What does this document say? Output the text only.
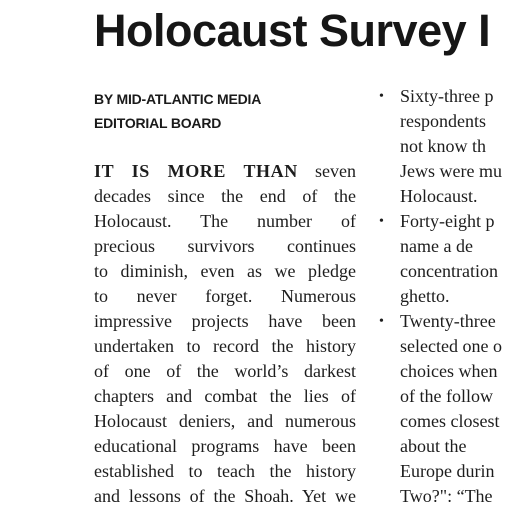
Holocaust Survey I
BY MID-ATLANTIC MEDIA
EDITORIAL BOARD
IT IS MORE THAN seven
decades since the end of the
Holocaust. The number of
precious survivors continues
to diminish, even as we pledge
to never forget. Numerous
impressive projects have been
undertaken to record the history
of one of the world’s darkest
chapters and combat the lies of
Holocaust deniers, and numerous
educational programs have been
established to teach the history
and lessons of the Shoah. Yet we
• Sixty-three p
respondents
not know th
Jews were mu
Holocaust.
• Forty-eight p
name a de
concentration
ghetto.
• Twenty-three
selected one o
choices when
of the follow
comes closest
about the
Europe durin
Two?": “The
